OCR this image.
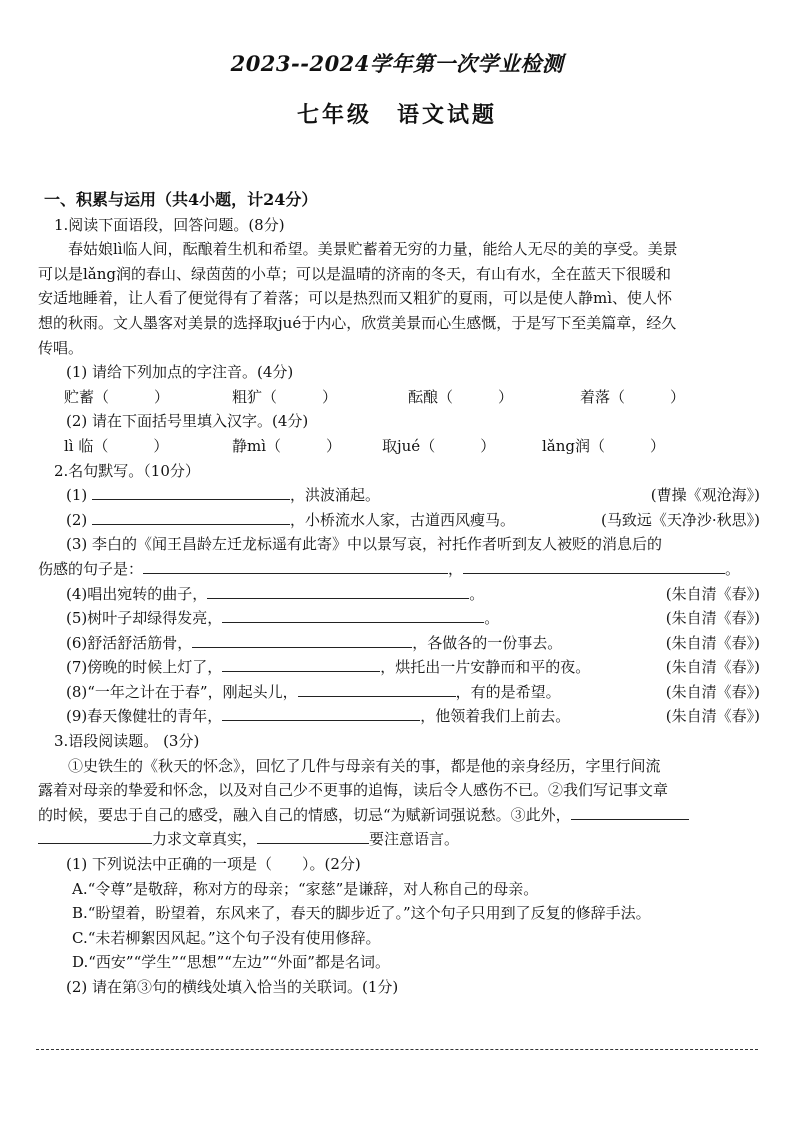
2023--2024学年第一次学业检测
七年级　语文试题
一、积累与运用（共4小题，计24分）
1.阅读下面语段，回答问题。(8分)
春姑娘lì临人间，酝酿着生机和希望。美景贮蓄着无穷的力量，能给人无尽的美的享受。美景
可以是lǎng润的春山、绿茵茵的小草；可以是温晴的济南的冬天，有山有水，全在蓝天下很暖和
安适地睡着，让人看了便觉得有了着落；可以是热烈而又粗犷的夏雨，可以是使人静mì、使人怀
想的秋雨。文人墨客对美景的选择取jué于内心，欣赏美景而心生感慨，于是写下至美篇章，经久
传唱。
(1) 请给下列加点的字注音。(4分)
贮蓄（　　　）	粗犷（　　　）	酝酿（　　　）	着落（　　　）
(2) 请在下面括号里填入汉字。(4分)
lì 临（　　　）	静mì（　　　）	取jué（　　　）	lǎng润（　　　）
2.名句默写。（10分）
(1)	，洪波涌起。	(曹操《观沧海》)
(2)	，小桥流水人家，古道西风瘦马。	(马致远《天净沙·秋思》)
(3) 李白的《闻王昌龄左迁龙标遥有此寄》中以景写哀，衬托作者听到友人被贬的消息后的
伤感的句子是：	，	。
(4)唱出宛转的曲子，	。	(朱自清《春》)
(5)树叶子却绿得发亮，	。	(朱自清《春》)
(6)舒活舒活筋骨，	，各做各的一份事去。	(朱自清《春》)
(7)傍晚的时候上灯了，	，烘托出一片安静而和平的夜。	(朱自清《春》)
(8)“一年之计在于春”，刚起头儿，	，有的是希望。	(朱自清《春》)
(9)春天像健壮的青年，	，他领着我们上前去。	(朱自清《春》)
3.语段阅读题。 (3分)
①史铁生的《秋天的怀念》，回忆了几件与母亲有关的事，都是他的亲身经历，字里行间流
露着对母亲的挚爱和怀念，以及对自己少不更事的追悔，读后令人感伤不已。②我们写记事文章
的时候，要忠于自己的感受，融入自己的情感，切忌“为赋新词强说愁。③此外，
力求文章真实，	要注意语言。
(1) 下列说法中正确的一项是（　　）。(2分)
A.“令尊”是敬辞，称对方的母亲；“家慈”是谦辞，对人称自己的母亲。
B.“盼望着，盼望着，东风来了，春天的脚步近了。”这个句子只用到了反复的修辞手法。
C.“未若柳絮因风起。”这个句子没有使用修辞。
D.“西安”“学生”“思想”“左边”“外面”都是名词。
(2) 请在第③句的横线处填入恰当的关联词。(1分)
